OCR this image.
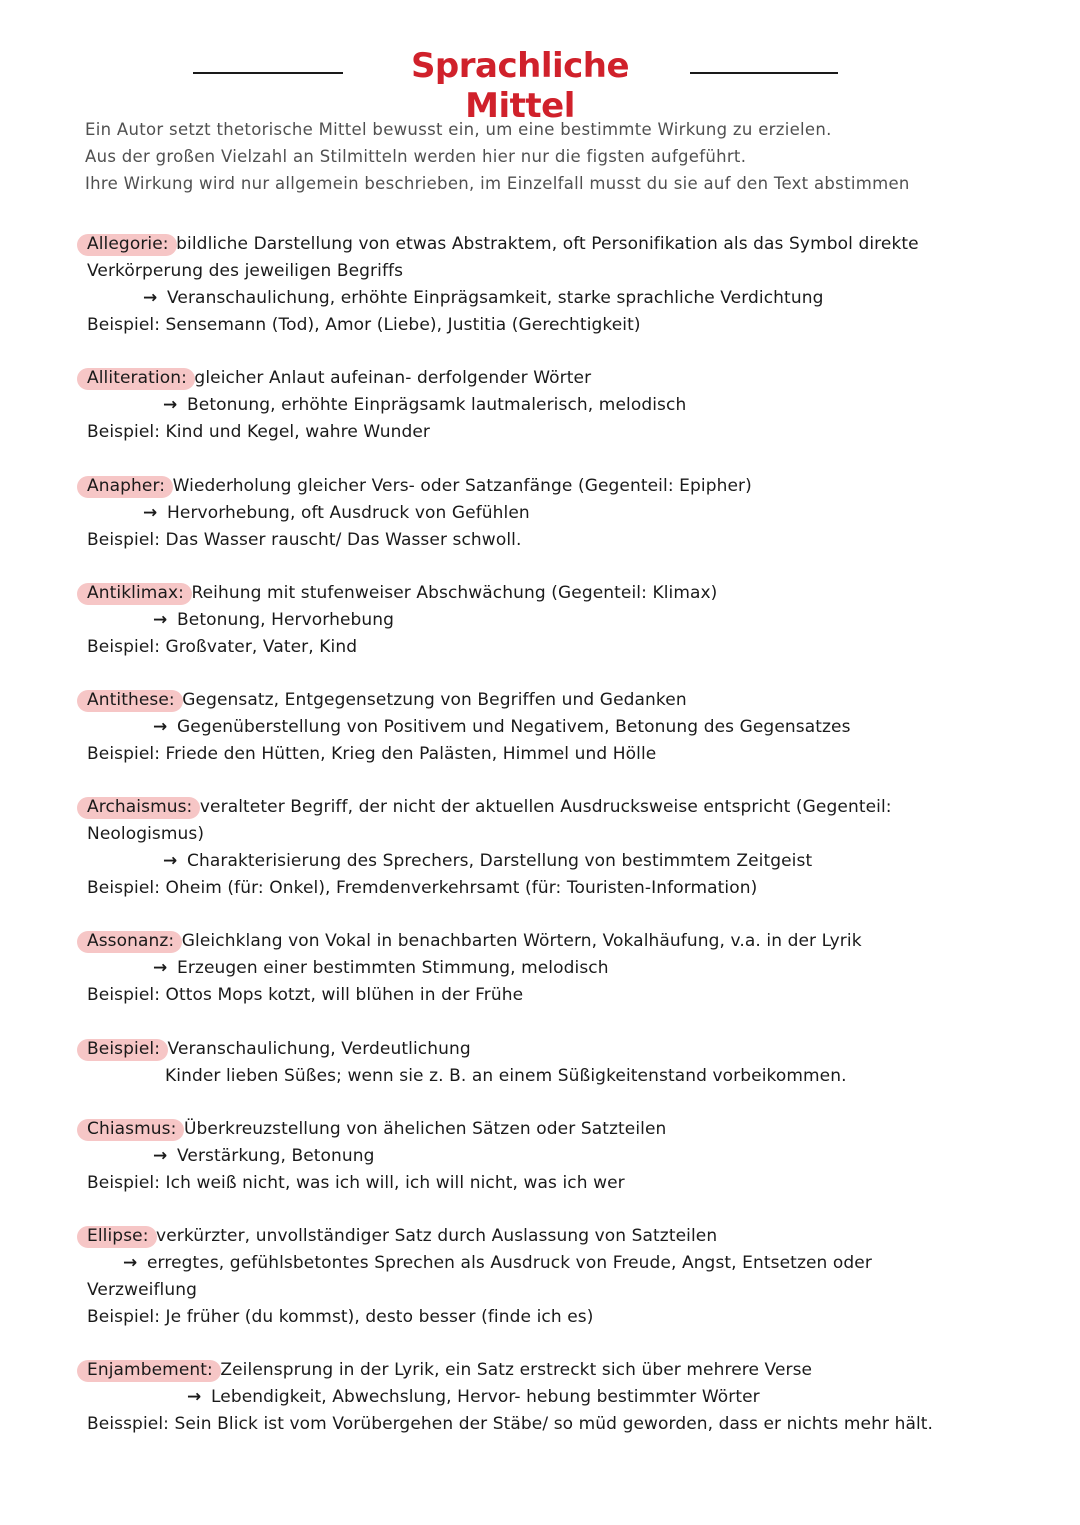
Sprachliche Mittel
Ein Autor setzt thetorische Mittel bewusst ein, um eine bestimmte Wirkung zu erzielen.
Aus der großen Vielzahl an Stilmitteln werden hier nur die figsten aufgeführt.
Ihre Wirkung wird nur allgemein beschrieben, im Einzelfall musst du sie auf den Text abstimmen
Allegorie: bildliche Darstellung von etwas Abstraktem, oft Personifikation als das Symbol direkte
Verkörperung des jeweiligen Begriffs
→ Veranschaulichung, erhöhte Einprägsamkeit, starke sprachliche Verdichtung
Beispiel: Sensemann (Tod), Amor (Liebe), Justitia (Gerechtigkeit)
Alliteration: gleicher Anlaut aufeinan- derfolgender Wörter
→ Betonung, erhöhte Einprägsamk lautmalerisch, melodisch
Beispiel: Kind und Kegel, wahre Wunder
Anapher: Wiederholung gleicher Vers- oder Satzanfänge (Gegenteil: Epipher)
→ Hervorhebung, oft Ausdruck von Gefühlen
Beispiel: Das Wasser rauscht/ Das Wasser schwoll.
Antiklimax: Reihung mit stufenweiser Abschwächung (Gegenteil: Klimax)
→ Betonung, Hervorhebung
Beispiel: Großvater, Vater, Kind
Antithese: Gegensatz, Entgegensetzung von Begriffen und Gedanken
→ Gegenüberstellung von Positivem und Negativem, Betonung des Gegensatzes
Beispiel: Friede den Hütten, Krieg den Palästen, Himmel und Hölle
Archaismus: veralteter Begriff, der nicht der aktuellen Ausdrucksweise entspricht (Gegenteil:
Neologismus)
→ Charakterisierung des Sprechers, Darstellung von bestimmtem Zeitgeist
Beispiel: Oheim (für: Onkel), Fremdenverkehrsamt (für: Touristen-Information)
Assonanz: Gleichklang von Vokal in benachbarten Wörtern, Vokalhäufung, v.a. in der Lyrik
→ Erzeugen einer bestimmten Stimmung, melodisch
Beispiel: Ottos Mops kotzt, will blühen in der Frühe
Beispiel: Veranschaulichung, Verdeutlichung
Kinder lieben Süßes; wenn sie z. B. an einem Süßigkeitenstand vorbeikommen.
Chiasmus: Überkreuzstellung von ähelichen Sätzen oder Satzteilen
→ Verstärkung, Betonung
Beispiel: Ich weiß nicht, was ich will, ich will nicht, was ich wer
Ellipse: verkürzter, unvollständiger Satz durch Auslassung von Satzteilen
→ erregtes, gefühlsbetontes Sprechen als Ausdruck von Freude, Angst, Entsetzen oder
Verzweiflung
Beispiel: Je früher (du kommst), desto besser (finde ich es)
Enjambement: Zeilensprung in der Lyrik, ein Satz erstreckt sich über mehrere Verse
→ Lebendigkeit, Abwechslung, Hervor- hebung bestimmter Wörter
Beisspiel: Sein Blick ist vom Vorübergehen der Stäbe/ so müd geworden, dass er nichts mehr hält.
